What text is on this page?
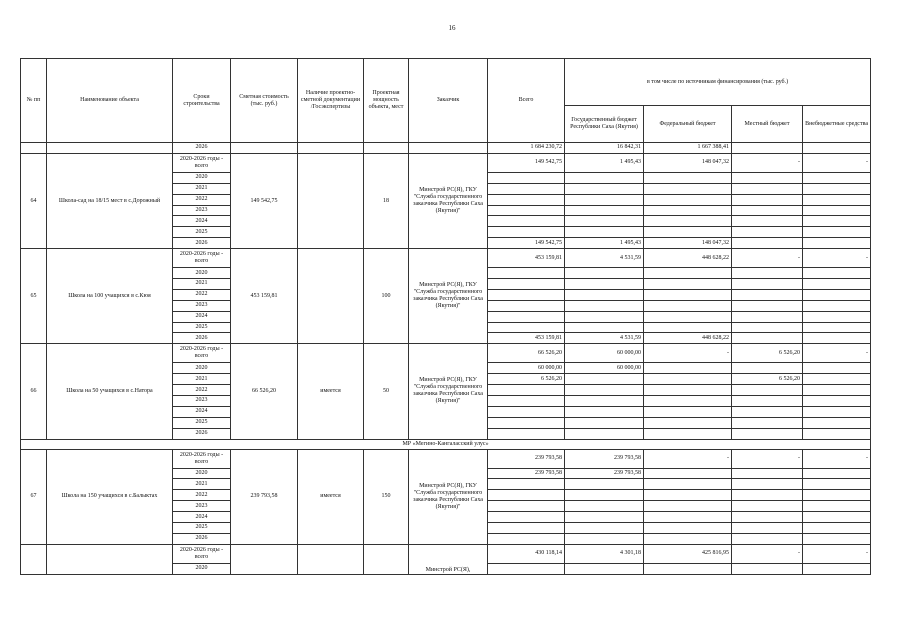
16
№ пп	Наименование объекта	Сроки строительства	Сметная стоимость (тыс. руб.)	Наличие проектно-сметной документации /Госэкспертизы	Проектная мощность объекта, мест	Заказчик	Всего	в том числе по источникам финансирования (тыс. руб.)			
								Государственный бюджет Республики Саха (Якутия)	Федеральный бюджет	Местный бюджет	Внебюджетные средства
		2026					1 684 230,72	16 842,31	1 667 388,41		
64	Школа-сад на 18/15 мест в с.Дорожный	2020-2026 годы - всего	149 542,75		18	Минстрой РС(Я), ГКУ "Служба государственного заказчика Республики Саха (Якутия)"	149 542,75	1 495,43	148 047,32	-	-
		2020									
		2021									
		2022									
		2023									
		2024									
		2025									
		2026					149 542,75	1 495,43	148 047,32		
65	Школа на 100 учащихся в с.Кюя	2020-2026 годы - всего	453 159,81		100	Минстрой РС(Я), ГКУ "Служба государственного заказчика Республики Саха (Якутия)"	453 159,81	4 531,59	448 628,22	-	-
		2020									
		2021									
		2022									
		2023									
		2024									
		2025									
		2026					453 159,81	4 531,59	448 628,22		
66	Школа на 50 учащихся в с.Натора	2020-2026 годы - всего	66 526,20	имеется	50	Минстрой РС(Я), ГКУ "Служба государственного заказчика Республики Саха (Якутия)"	66 526,20	60 000,00	-	6 526,20	-
		2020					60 000,00	60 000,00			
		2021					6 526,20			6 526,20	
		2022									
		2023									
		2024									
		2025									
		2026									
МР «Мегино-Кангаласский улус»											
67	Школа на 150 учащихся в с.Балыктах	2020-2026 годы - всего	239 793,58	имеется	150	Минстрой РС(Я), ГКУ "Служба государственного заказчика Республики Саха (Якутия)"	239 793,58	239 793,58	-	-	-
		2020					239 793,58	239 793,58			
		2021									
		2022									
		2023									
		2024									
		2025									
		2026									
		2020-2026 годы - всего				Минстрой РС(Я),	430 118,14	4 301,18	425 816,95	-	-
		2020									
